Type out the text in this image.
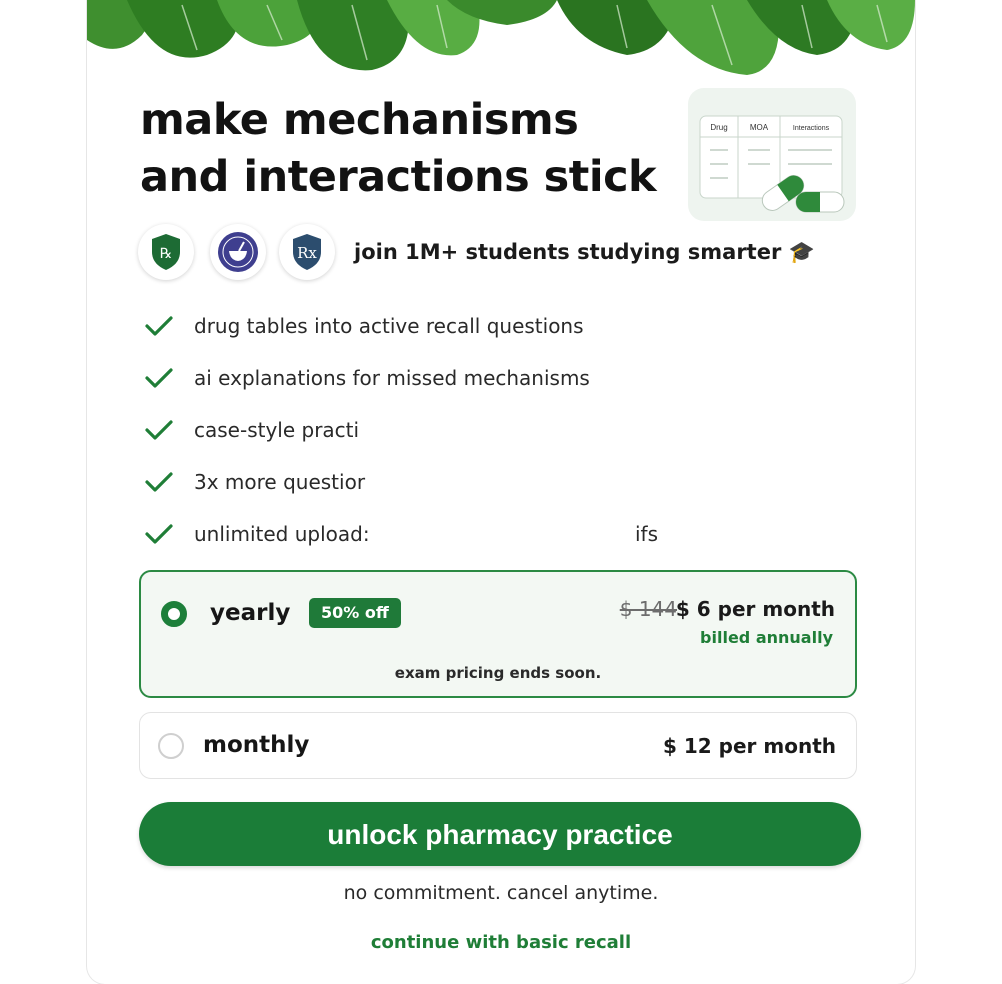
make mechanisms
and interactions stick
Drug	MOA	Interactions
℞	Rx join 1M+ students studying smarter 🎓
drug tables into active recall questions
ai explanations for missed mechanisms
case-style practi
3x more questior
unlimited upload:	ifs
yearly	50% off	$ 144
$ 6 per month
billed annually
exam pricing ends soon.
monthly	$ 12 per month
unlock pharmacy practice
no commitment. cancel anytime.
continue with basic recall
